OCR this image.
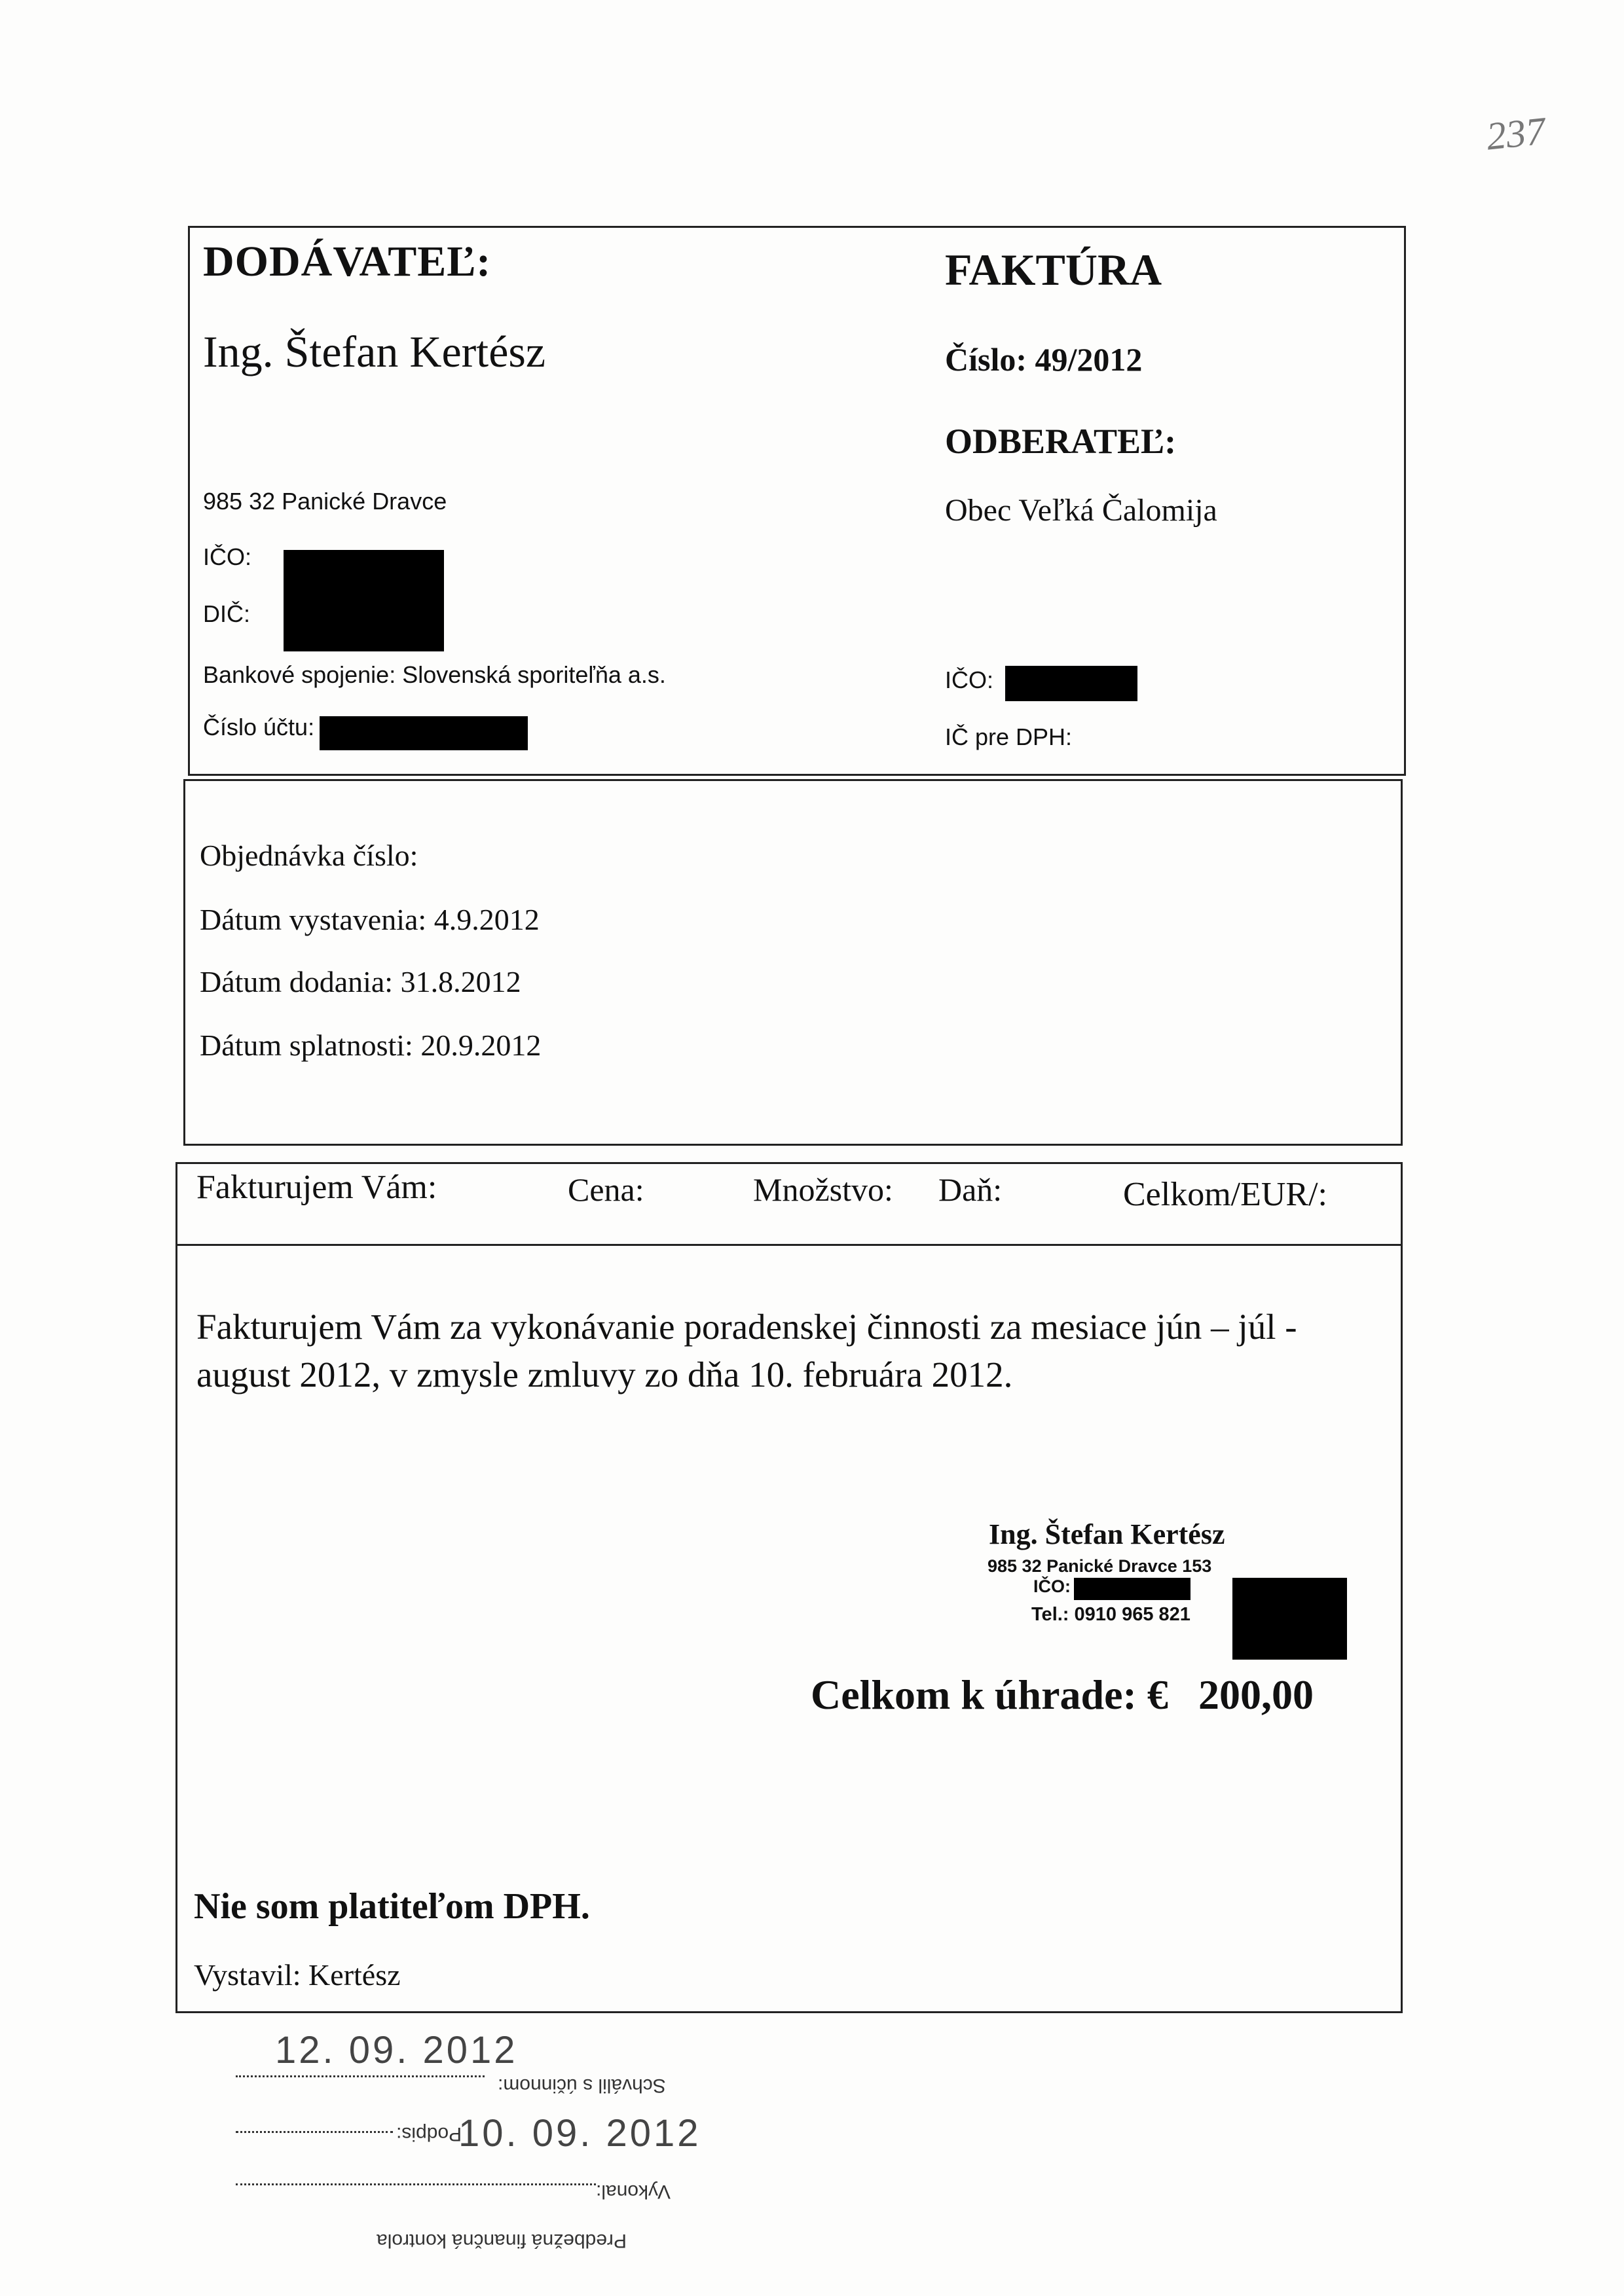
237
DODÁVATEĽ:
Ing. Štefan Kertész
985 32 Panické Dravce
IČO:
DIČ:
Bankové spojenie: Slovenská sporiteľňa a.s.
Číslo účtu:
FAKTÚRA
Číslo: 49/2012
ODBERATEĽ:
Obec Veľká Čalomija
IČO:
IČ pre DPH:
Objednávka číslo:
Dátum vystavenia: 4.9.2012
Dátum dodania: 31.8.2012
Dátum splatnosti: 20.9.2012
Fakturujem Vám:	Cena:	Množstvo: Daň:	Celkom/EUR/:
Fakturujem Vám za vykonávanie poradenskej činnosti za mesiace jún – júl -
august 2012, v zmysle zmluvy zo dňa 10. februára 2012.
Ing. Štefan Kertész
985 32 Panické Dravce 153
IČO:
Tel.: 0910 965 821
Celkom k úhrade: € 200,00
Nie som platiteľom DPH.
Vystavil: Kertész
12. 09. 2012
Schválil s účinnom:
Podpis:
10. 09. 2012
Vykonal:
Predbežná finančná kontrola
